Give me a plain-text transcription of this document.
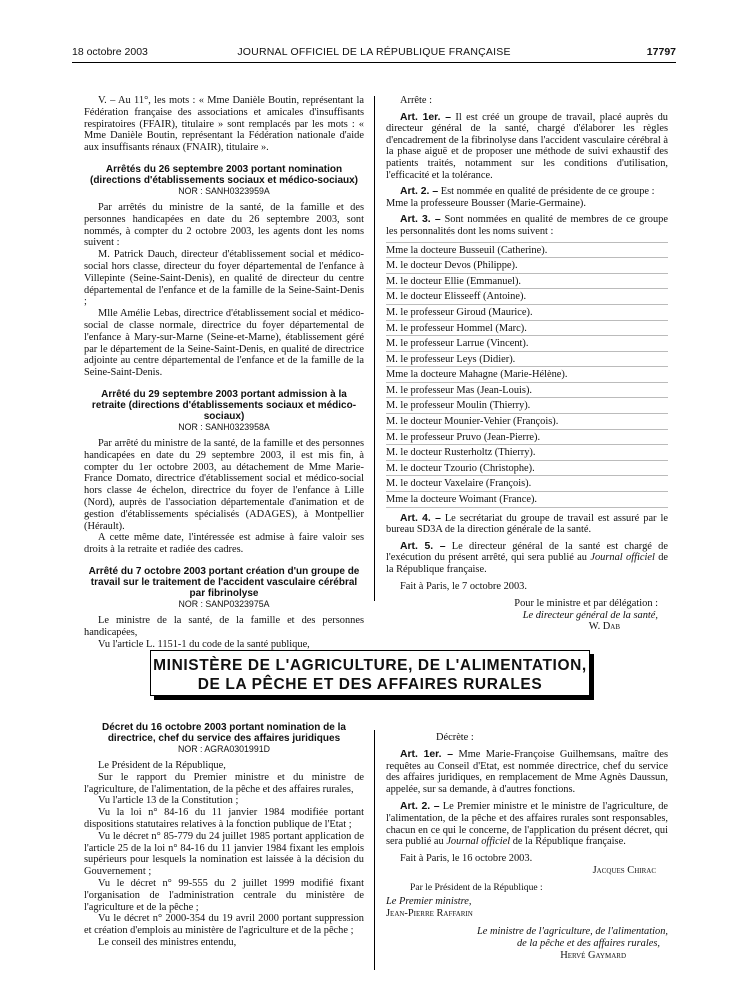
18 octobre 2003	JOURNAL OFFICIEL DE LA RÉPUBLIQUE FRANÇAISE	17797

V. – Au 11°, les mots : « Mme Danièle Boutin, représentant la Fédération française des associations et amicales d'insuffisants respiratoires (FFAIR), titulaire » sont remplacés par les mots : « Mme Danièle Boutin, représentant la Fédération nationale d'aide aux insuffisants rénaux (FNAIR), titulaire ».

Arrêtés du 26 septembre 2003 portant nomination (directions d'établissements sociaux et médico-sociaux)
NOR : SANH0323959A

Par arrêtés du ministre de la santé, de la famille et des personnes handicapées en date du 26 septembre 2003, sont nommés, à compter du 2 octobre 2003, les agents dont les noms suivent :

M. Patrick Dauch, directeur d'établissement social et médico-social hors classe, directeur du foyer départemental de l'enfance à Villepinte (Seine-Saint-Denis), en qualité de directeur du centre départemental de l'enfance et de la famille de la Seine-Saint-Denis ;

Mlle Amélie Lebas, directrice d'établissement social et médico-social de classe normale, directrice du foyer départemental de l'enfance à Mary-sur-Marne (Seine-et-Marne), établissement géré par le département de la Seine-Saint-Denis, en qualité de directrice adjointe au centre départemental de l'enfance et de la famille de la Seine-Saint-Denis.

Arrêté du 29 septembre 2003 portant admission à la retraite (directions d'établissements sociaux et médico-sociaux)
NOR : SANH0323958A

Par arrêté du ministre de la santé, de la famille et des personnes handicapées en date du 29 septembre 2003, il est mis fin, à compter du 1er octobre 2003, au détachement de Mme Marie-France Domato, directrice d'établissement social et médico-social hors classe 4e échelon, directrice du foyer de l'enfance à Lille (Nord), auprès de l'association départementale d'animation et de gestion d'établissements spécialisés (ADAGES), à Montpellier (Hérault).

A cette même date, l'intéressée est admise à faire valoir ses droits à la retraite et radiée des cadres.

Arrêté du 7 octobre 2003 portant création d'un groupe de travail sur le traitement de l'accident vasculaire cérébral par fibrinolyse
NOR : SANP0323975A

Le ministre de la santé, de la famille et des personnes handicapées,

Vu l'article L. 1151-1 du code de la santé publique,

Arrête :

Art. 1er. – Il est créé un groupe de travail, placé auprès du directeur général de la santé, chargé d'élaborer les règles d'encadrement de la fibrinolyse dans l'accident vasculaire cérébral à la phase aiguë et de proposer une méthode de suivi exhaustif des patients traités, notamment sur les conditions d'utilisation, l'efficacité et la tolérance.

Art. 2. – Est nommée en qualité de présidente de ce groupe :

Mme la professeure Bousser (Marie-Germaine).

Art. 3. – Sont nommées en qualité de membres de ce groupe les personnalités dont les noms suivent :

Mme la docteure Busseuil (Catherine).
M. le docteur Devos (Philippe).
M. le docteur Ellie (Emmanuel).
M. le docteur Elisseeff (Antoine).
M. le professeur Giroud (Maurice).
M. le professeur Hommel (Marc).
M. le professeur Larrue (Vincent).
M. le professeur Leys (Didier).
Mme la docteure Mahagne (Marie-Hélène).
M. le professeur Mas (Jean-Louis).
M. le professeur Moulin (Thierry).
M. le docteur Mounier-Vehier (François).
M. le professeur Pruvo (Jean-Pierre).
M. le docteur Rusterholtz (Thierry).
M. le docteur Tzourio (Christophe).
M. le docteur Vaxelaire (François).
Mme la docteure Woimant (France).

Art. 4. – Le secrétariat du groupe de travail est assuré par le bureau SD3A de la direction générale de la santé.

Art. 5. – Le directeur général de la santé est chargé de l'exécution du présent arrêté, qui sera publié au Journal officiel de la République française.

Fait à Paris, le 7 octobre 2003.

Pour le ministre et par délégation :

Le directeur général de la santé,

W. Dab

MINISTÈRE DE L'AGRICULTURE, DE L'ALIMENTATION,
DE LA PÊCHE ET DES AFFAIRES RURALES
Décret du 16 octobre 2003 portant nomination de la directrice, chef du service des affaires juridiques
NOR : AGRA0301991D

Le Président de la République,

Sur le rapport du Premier ministre et du ministre de l'agriculture, de l'alimentation, de la pêche et des affaires rurales,

Vu l'article 13 de la Constitution ;

Vu la loi n° 84-16 du 11 janvier 1984 modifiée portant dispositions statutaires relatives à la fonction publique de l'Etat ;

Vu le décret n° 85-779 du 24 juillet 1985 portant application de l'article 25 de la loi n° 84-16 du 11 janvier 1984 fixant les emplois supérieurs pour lesquels la nomination est laissée à la décision du Gouvernement ;

Vu le décret n° 99-555 du 2 juillet 1999 modifié fixant l'organisation de l'administration centrale du ministère de l'agriculture et de la pêche ;

Vu le décret n° 2000-354 du 19 avril 2000 portant suppression et création d'emplois au ministère de l'agriculture et de la pêche ;

Le conseil des ministres entendu,

Décrète :

Art. 1er. – Mme Marie-Françoise Guilhemsans, maître des requêtes au Conseil d'Etat, est nommée directrice, chef du service des affaires juridiques, en remplacement de Mme Agnès Daussun, appelée, sur sa demande, à d'autres fonctions.

Art. 2. – Le Premier ministre et le ministre de l'agriculture, de l'alimentation, de la pêche et des affaires rurales sont responsables, chacun en ce qui le concerne, de l'application du présent décret, qui sera publié au Journal officiel de la République française.

Fait à Paris, le 16 octobre 2003.

Jacques Chirac

Par le Président de la République :

Le Premier ministre,

Jean-Pierre Raffarin

Le ministre de l'agriculture, de l'alimentation,

de la pêche et des affaires rurales,

Hervé Gaymard
